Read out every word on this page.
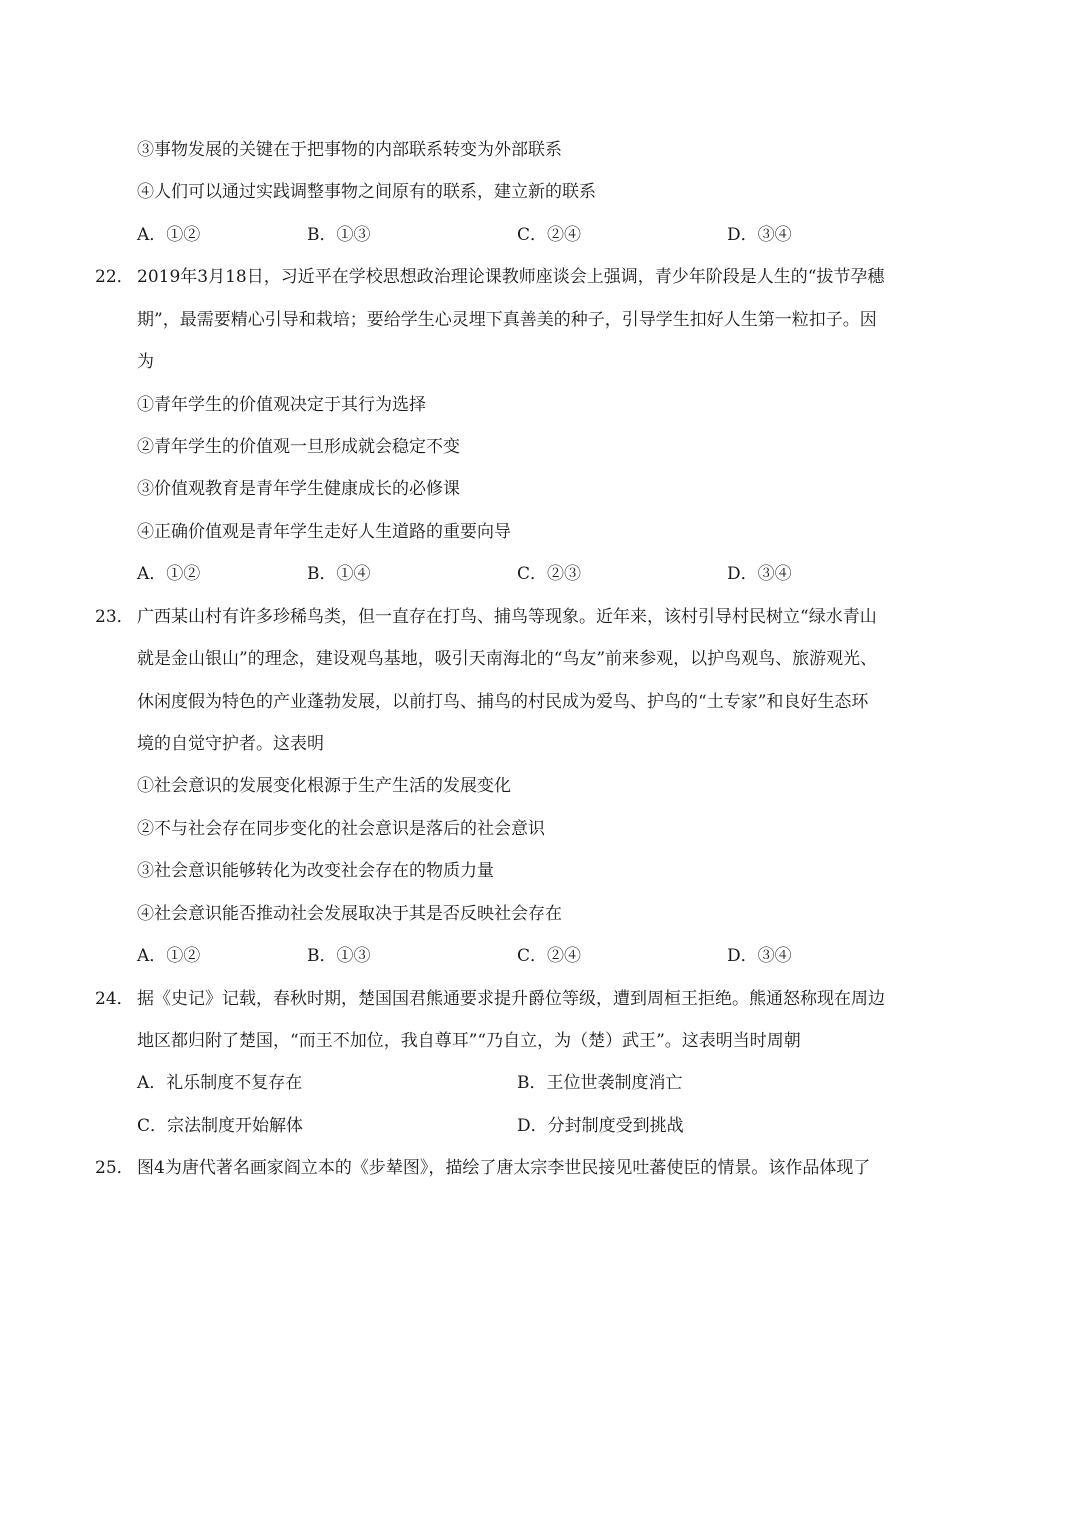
③事物发展的关键在于把事物的内部联系转变为外部联系
④人们可以通过实践调整事物之间原有的联系，建立新的联系
A．①②	B．①③	C．②④	D．③④
22． 2019年3月18日，习近平在学校思想政治理论课教师座谈会上强调，青少年阶段是人生的“拔节孕穗
期”，最需要精心引导和栽培；要给学生心灵埋下真善美的种子，引导学生扣好人生第一粒扣子。因
为
①青年学生的价值观决定于其行为选择
②青年学生的价值观一旦形成就会稳定不变
③价值观教育是青年学生健康成长的必修课
④正确价值观是青年学生走好人生道路的重要向导
A．①②	B．①④	C．②③	D．③④
23． 广西某山村有许多珍稀鸟类，但一直存在打鸟、捕鸟等现象。近年来，该村引导村民树立“绿水青山
就是金山银山”的理念，建设观鸟基地，吸引天南海北的“鸟友”前来参观，以护鸟观鸟、旅游观光、
休闲度假为特色的产业蓬勃发展，以前打鸟、捕鸟的村民成为爱鸟、护鸟的“土专家”和良好生态环
境的自觉守护者。这表明
①社会意识的发展变化根源于生产生活的发展变化
②不与社会存在同步变化的社会意识是落后的社会意识
③社会意识能够转化为改变社会存在的物质力量
④社会意识能否推动社会发展取决于其是否反映社会存在
A．①②	B．①③	C．②④	D．③④
24． 据《史记》记载，春秋时期，楚国国君熊通要求提升爵位等级，遭到周桓王拒绝。熊通怒称现在周边
地区都归附了楚国，“而王不加位，我自尊耳”“乃自立，为（楚）武王”。这表明当时周朝
A．礼乐制度不复存在	B．王位世袭制度消亡
C．宗法制度开始解体	D．分封制度受到挑战
25． 图4为唐代著名画家阎立本的《步辇图》，描绘了唐太宗李世民接见吐蕃使臣的情景。该作品体现了
